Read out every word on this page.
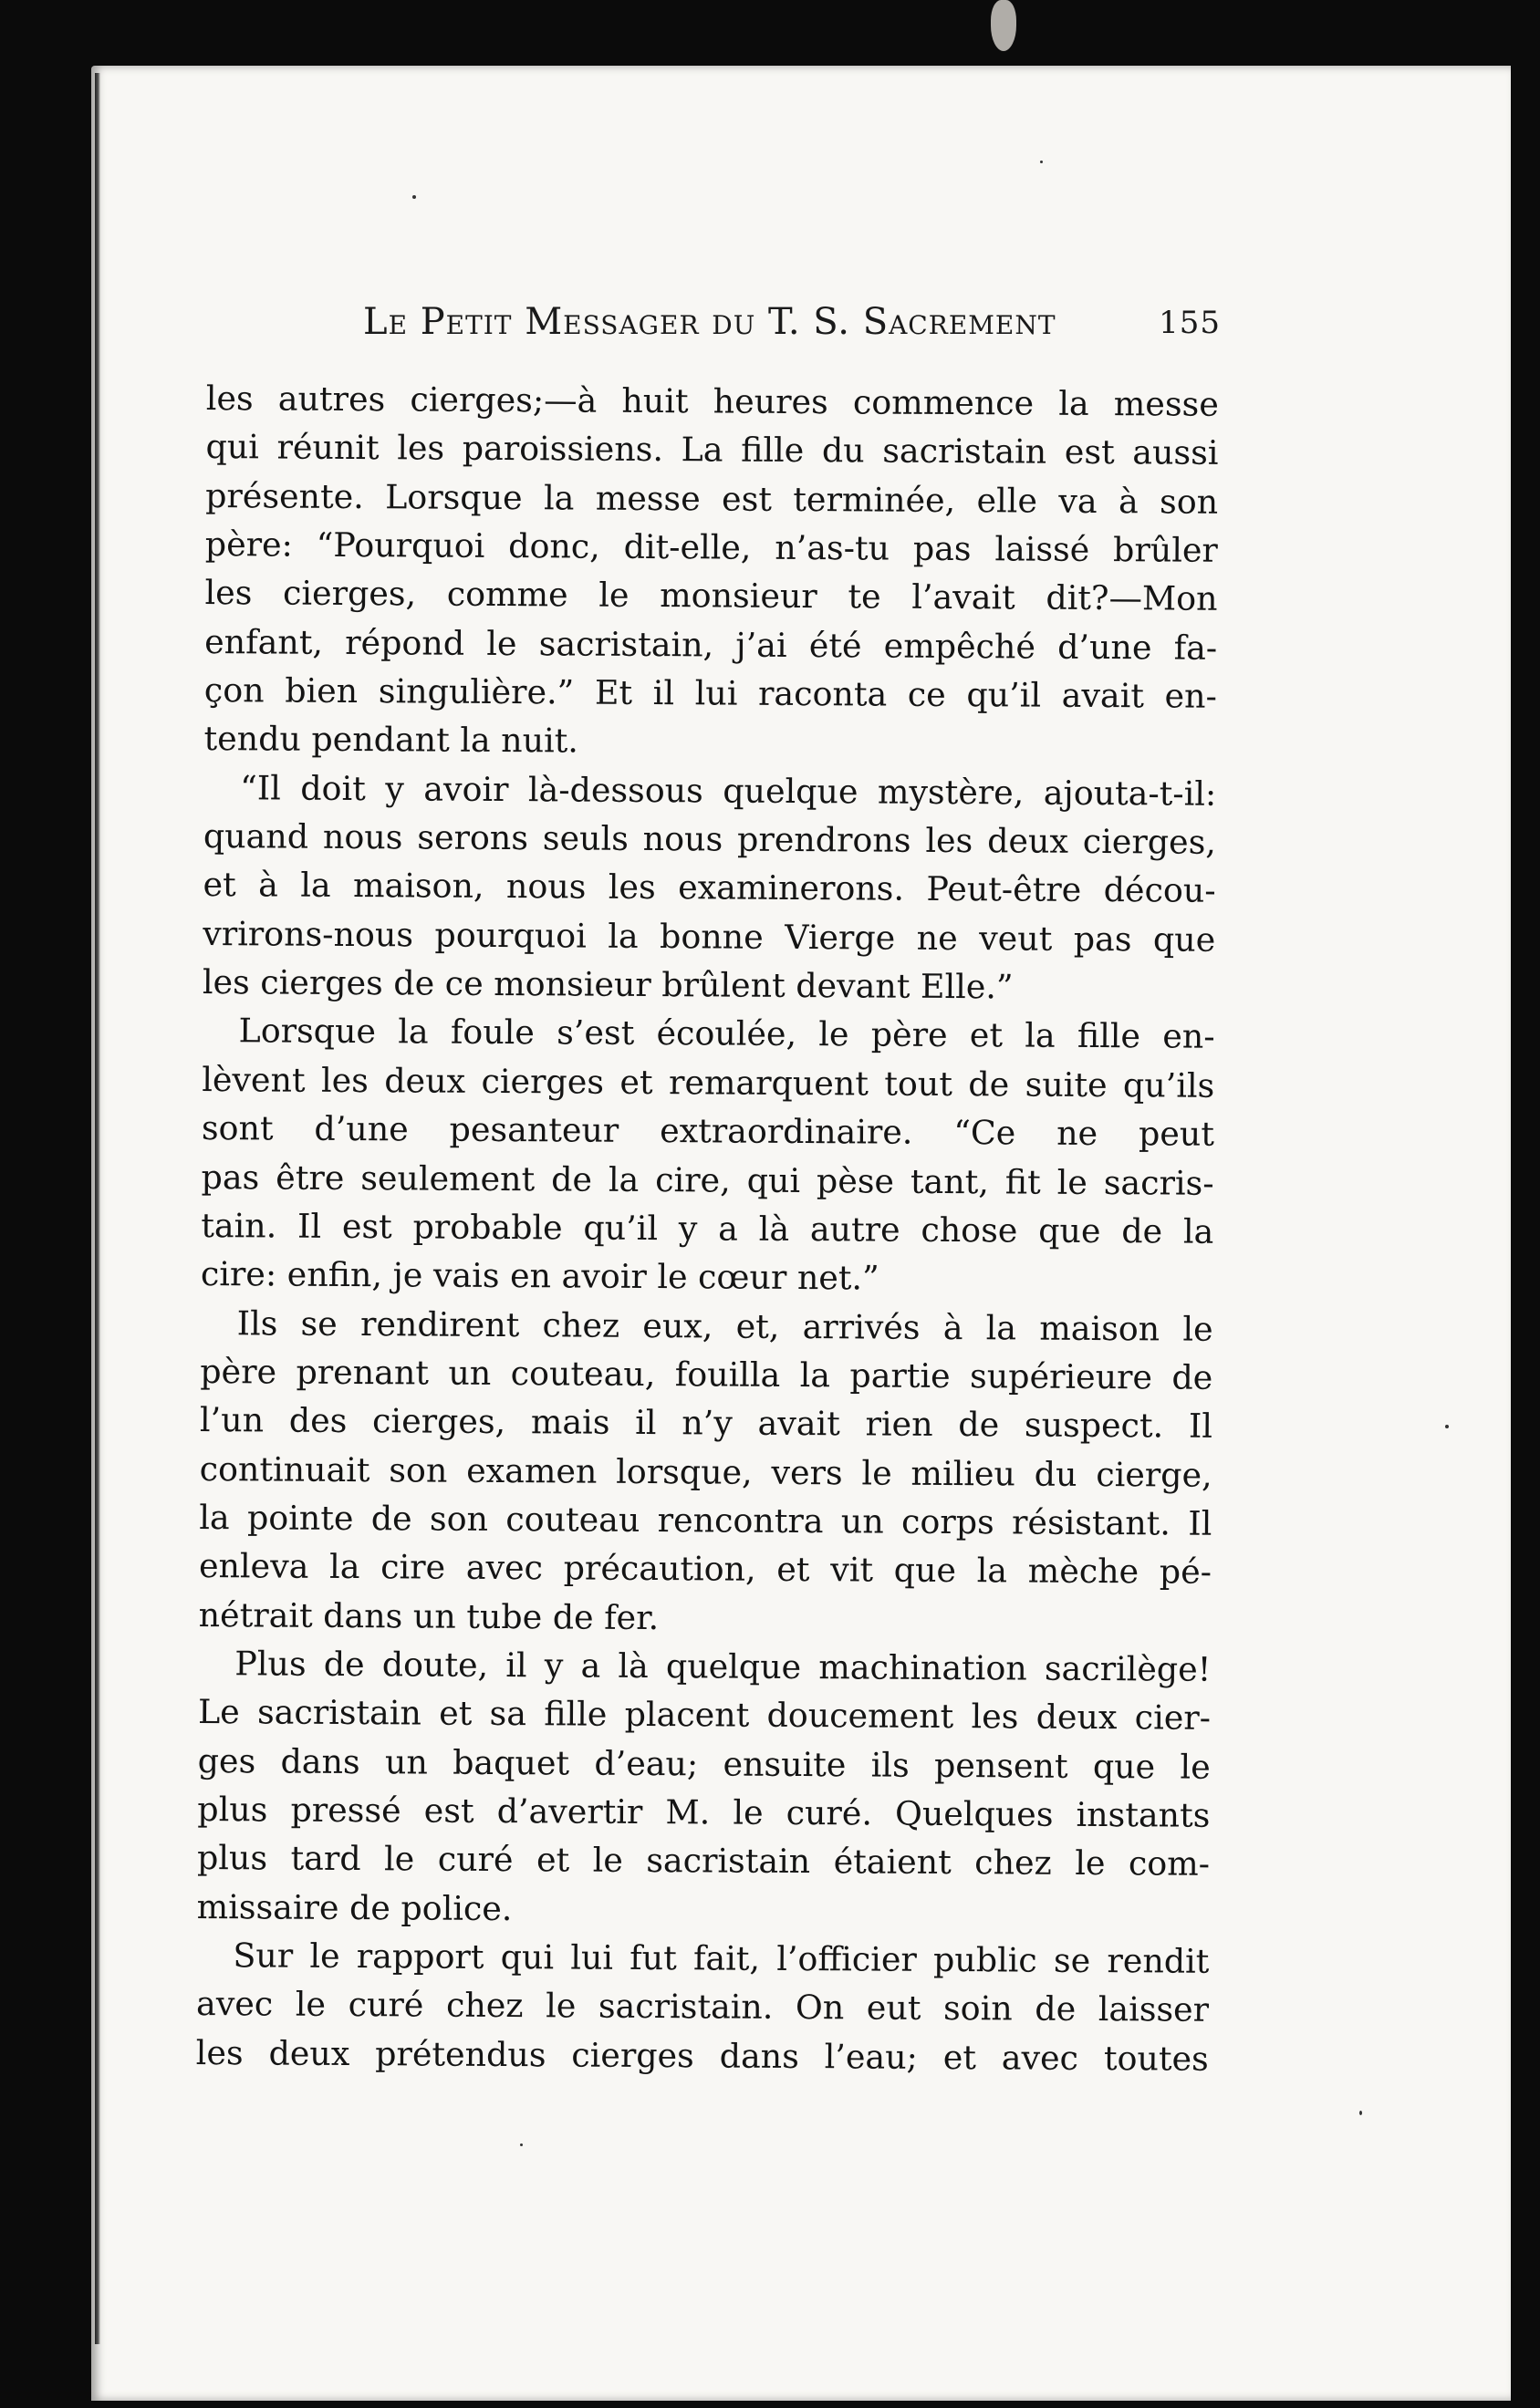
Le Petit Messager du T. S. Sacrement	155
les autres cierges;—à huit heures commence la messe
qui réunit les paroissiens. La fille du sacristain est aussi
présente. Lorsque la messe est terminée, elle va à son
père: “Pourquoi donc, dit-elle, n’as-tu pas laissé brûler
les cierges, comme le monsieur te l’avait dit?—Mon
enfant, répond le sacristain, j’ai été empêché d’une fa-
çon bien singulière.” Et il lui raconta ce qu’il avait en-
tendu pendant la nuit.
“Il doit y avoir là-dessous quelque mystère, ajouta-t-il:
quand nous serons seuls nous prendrons les deux cierges,
et à la maison, nous les examinerons. Peut-être décou-
vrirons-nous pourquoi la bonne Vierge ne veut pas que
les cierges de ce monsieur brûlent devant Elle.”
Lorsque la foule s’est écoulée, le père et la fille en-
lèvent les deux cierges et remarquent tout de suite qu’ils
sont d’une pesanteur extraordinaire. “Ce ne peut
pas être seulement de la cire, qui pèse tant, fit le sacris-
tain. Il est probable qu’il y a là autre chose que de la
cire: enfin, je vais en avoir le cœur net.”
Ils se rendirent chez eux, et, arrivés à la maison le
père prenant un couteau, fouilla la partie supérieure de
l’un des cierges, mais il n’y avait rien de suspect. Il
continuait son examen lorsque, vers le milieu du cierge,
la pointe de son couteau rencontra un corps résistant. Il
enleva la cire avec précaution, et vit que la mèche pé-
nétrait dans un tube de fer.
Plus de doute, il y a là quelque machination sacrilège!
Le sacristain et sa fille placent doucement les deux cier-
ges dans un baquet d’eau; ensuite ils pensent que le
plus pressé est d’avertir M. le curé. Quelques instants
plus tard le curé et le sacristain étaient chez le com-
missaire de police.
Sur le rapport qui lui fut fait, l’officier public se rendit
avec le curé chez le sacristain. On eut soin de laisser
les deux prétendus cierges dans l’eau; et avec toutes
